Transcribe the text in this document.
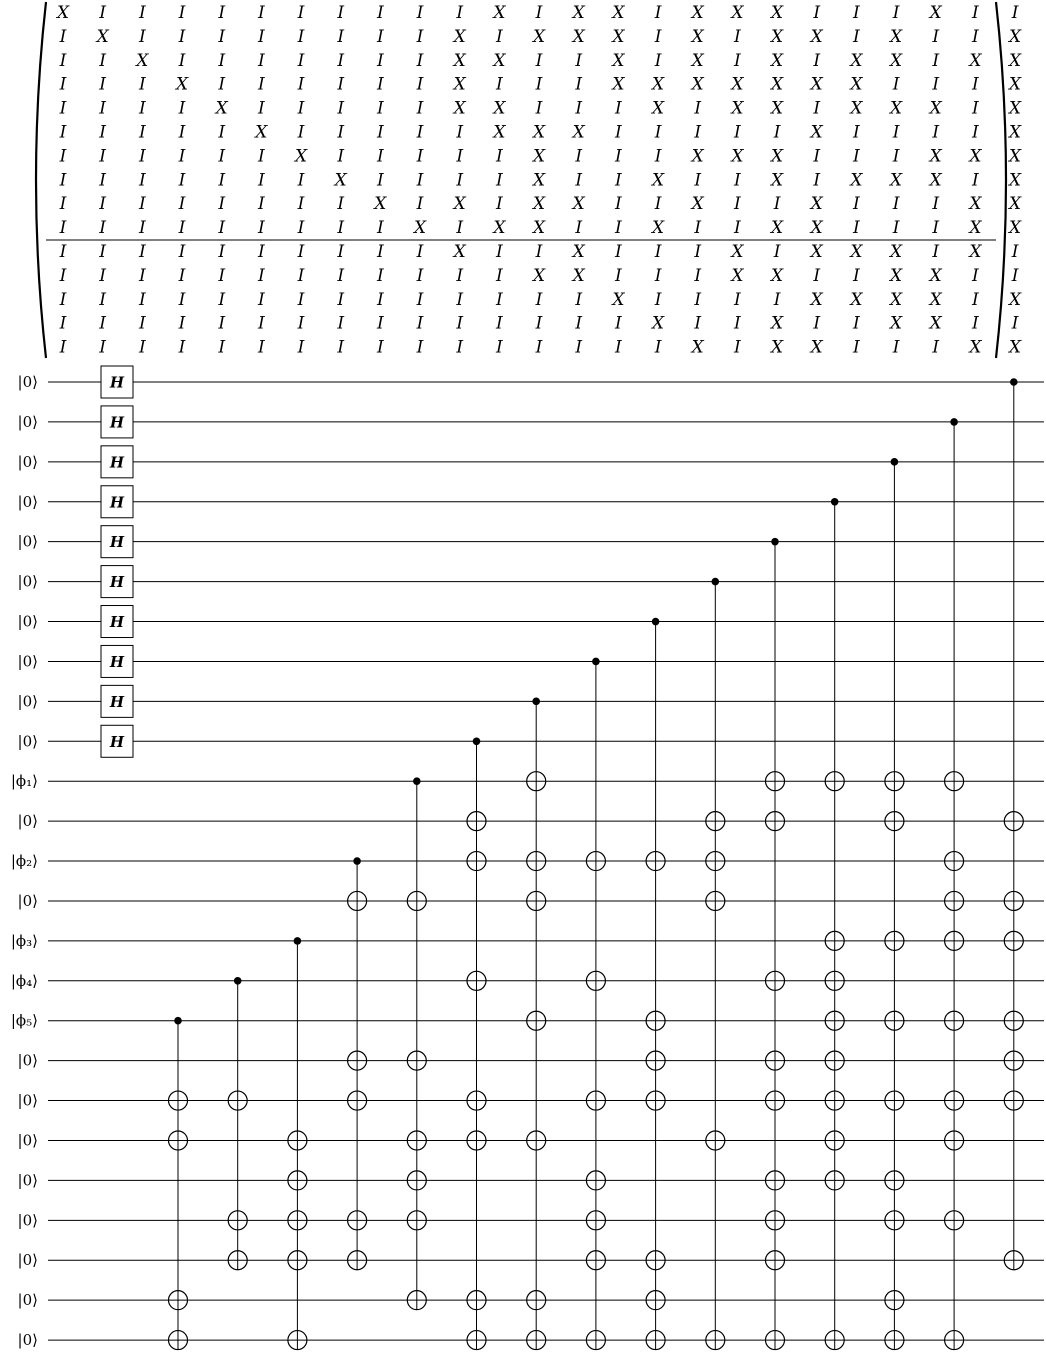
X I I I I I I I I I I X I X X I X X X I I I X I I
I X I I I I I I I I X I X X X I X I X X I X I I X
I I X I I I I I I I X X I I X I X I X I X X I X X
I I I X I I I I I I X I I I X X X X X X X I I I X
I I I I X I I I I I X X I I I X I X X I X X X I X
I I I I I X I I I I I X X X I I I I I X I I I I X
I I I I I I X I I I I I X I I I X X X I I I X X X
I I I I I I I X I I I I X I I X I I X I X X X I X
I I I I I I I I X I X I X X I I X I I X I I I X X
I I I I I I I I I X I X X I I X I I X X I I I X X
I I I I I I I I I I X I I X I I I X I X X X I X I
I I I I I I I I I I I I X X I I I X X I I X X I I
I I I I I I I I I I I I I I X I I I I X X X X I X
I I I I I I I I I I I I I I I X I I X I I X X I I
I I I I I I I I I I I I I I I I X I X X I I I X X
|0⟩
|0⟩
|0⟩
|0⟩
|0⟩
|0⟩
|0⟩
|0⟩
|0⟩
|0⟩
|ϕ₁⟩
|0⟩
|ϕ₂⟩
|0⟩
|ϕ₃⟩
|ϕ₄⟩
|ϕ₅⟩
|0⟩
|0⟩
|0⟩
|0⟩
|0⟩
|0⟩
|0⟩
|0⟩
H
H
H
H
H
H
H
H
H
H
